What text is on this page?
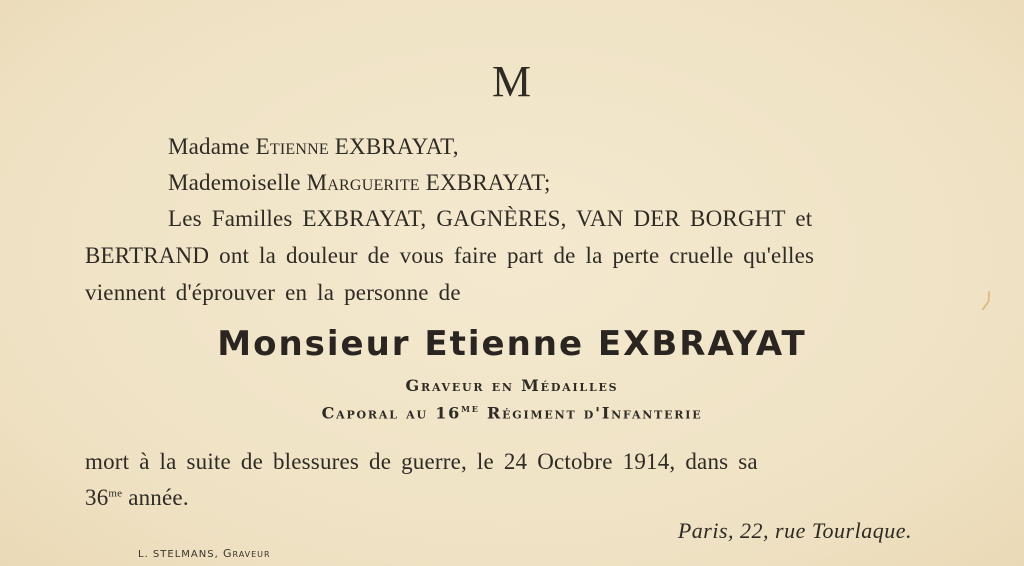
M
Madame Etienne EXBRAYAT,
Mademoiselle Marguerite EXBRAYAT;
Les Familles EXBRAYAT, GAGNÈRES, VAN DER BORGHT et
BERTRAND ont la douleur de vous faire part de la perte cruelle qu'elles
viennent d'éprouver en la personne de
Monsieur Etienne EXBRAYAT
Graveur en Médailles
Caporal au $16^{me}$ Régiment d'Infanterie
mort à la suite de blessures de guerre, le 24 Octobre 1914, dans sa
$36^{me}$ année.
Paris, 22, rue Tourlaque.
L. STELMANS, Graveur
⟩
